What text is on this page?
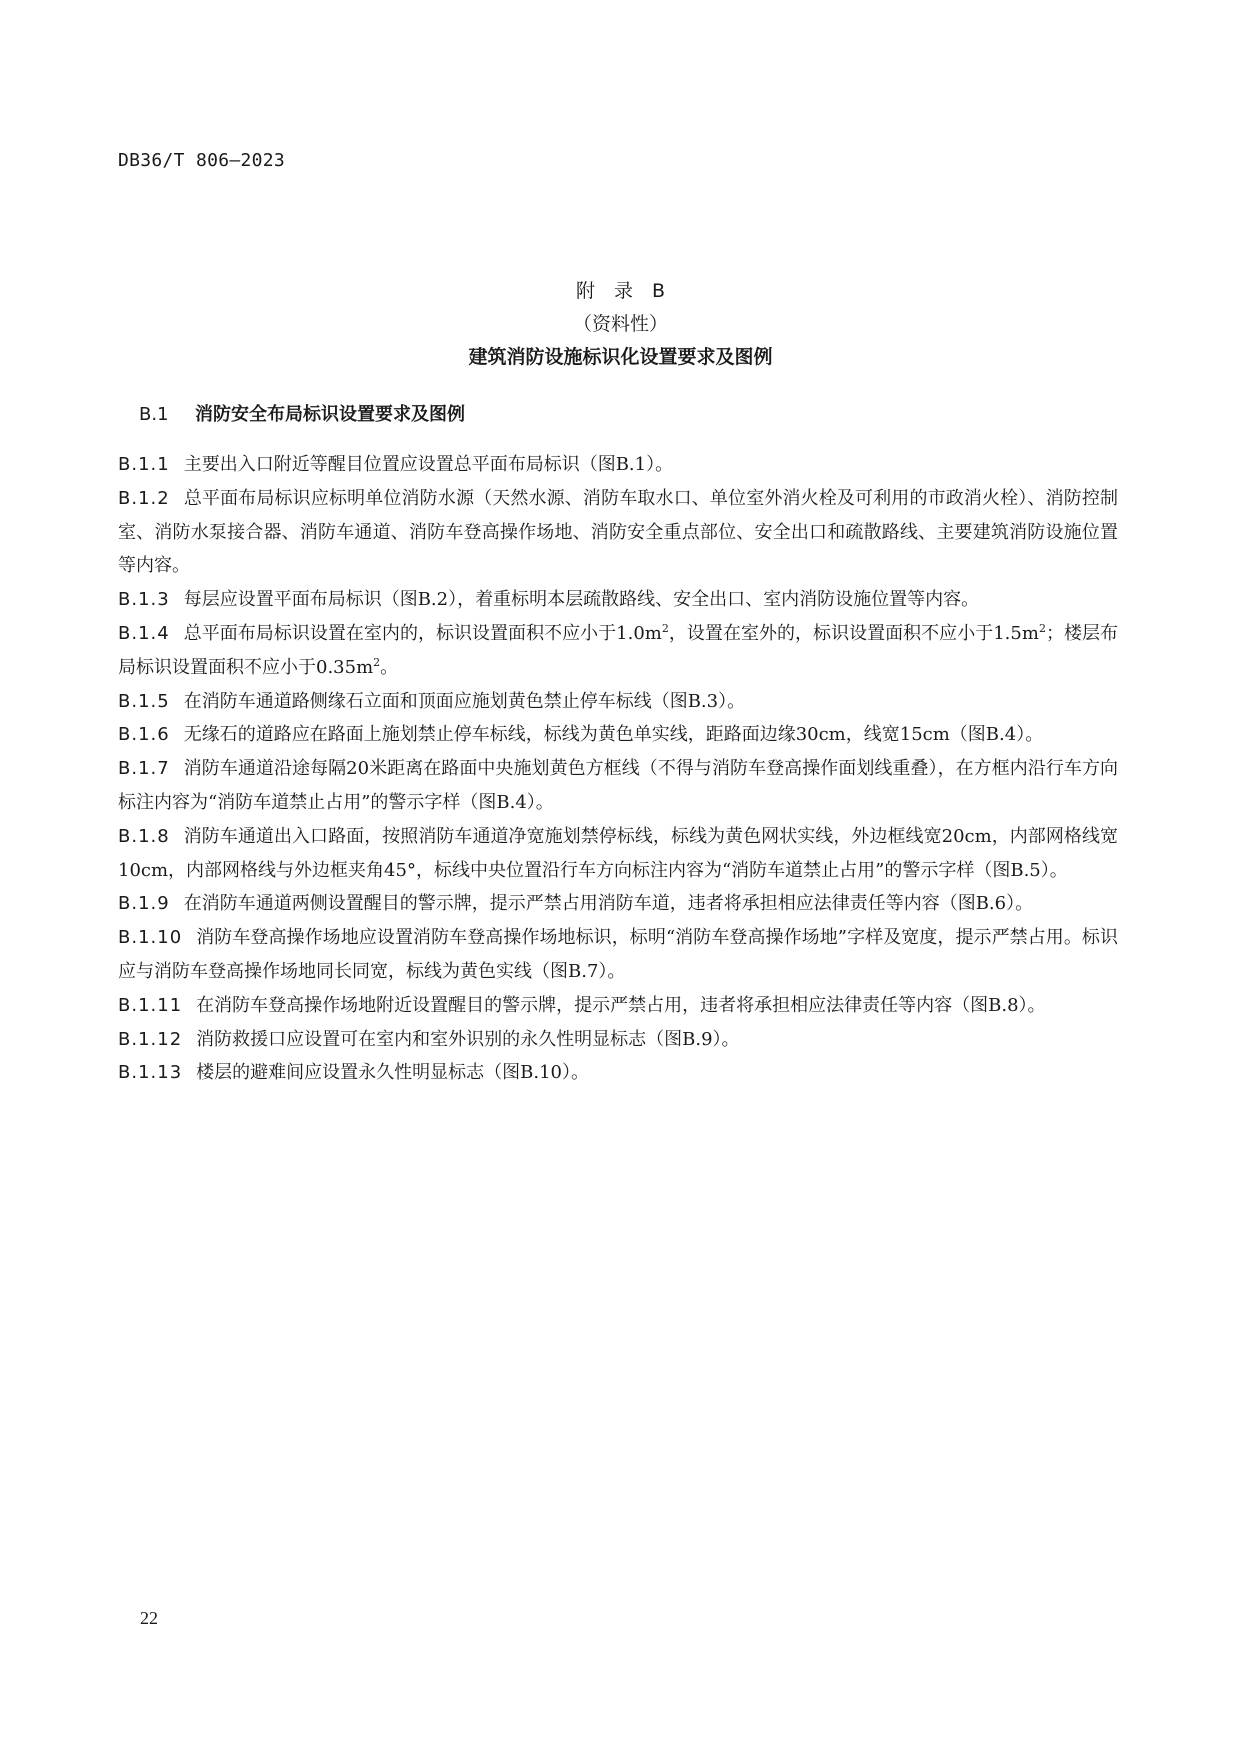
DB36/T 806—2023
附　录　B
（资料性）
建筑消防设施标识化设置要求及图例
B.1 消防安全布局标识设置要求及图例

B.1.1 主要出入口附近等醒目位置应设置总平面布局标识（图B.1）。

B.1.2 总平面布局标识应标明单位消防水源（天然水源、消防车取水口、单位室外消火栓及可利用的市政消火栓）、消防控制室、消防水泵接合器、消防车通道、消防车登高操作场地、消防安全重点部位、安全出口和疏散路线、主要建筑消防设施位置等内容。

B.1.3 每层应设置平面布局标识（图B.2），着重标明本层疏散路线、安全出口、室内消防设施位置等内容。

B.1.4 总平面布局标识设置在室内的，标识设置面积不应小于$1.0m^2$，设置在室外的，标识设置面积不应小于$1.5m^2$；楼层布局标识设置面积不应小于$0.35m^2$。

B.1.5 在消防车通道路侧缘石立面和顶面应施划黄色禁止停车标线（图B.3）。

B.1.6 无缘石的道路应在路面上施划禁止停车标线，标线为黄色单实线，距路面边缘30cm，线宽15cm（图B.4）。

B.1.7 消防车通道沿途每隔20米距离在路面中央施划黄色方框线（不得与消防车登高操作面划线重叠），在方框内沿行车方向标注内容为“消防车道禁止占用”的警示字样（图B.4）。

B.1.8 消防车通道出入口路面，按照消防车通道净宽施划禁停标线，标线为黄色网状实线，外边框线宽20cm，内部网格线宽10cm，内部网格线与外边框夹角45°，标线中央位置沿行车方向标注内容为“消防车道禁止占用”的警示字样（图B.5）。

B.1.9 在消防车通道两侧设置醒目的警示牌，提示严禁占用消防车道，违者将承担相应法律责任等内容（图B.6）。

B.1.10 消防车登高操作场地应设置消防车登高操作场地标识，标明“消防车登高操作场地”字样及宽度，提示严禁占用。标识应与消防车登高操作场地同长同宽，标线为黄色实线（图B.7）。

B.1.11 在消防车登高操作场地附近设置醒目的警示牌，提示严禁占用，违者将承担相应法律责任等内容（图B.8）。

B.1.12 消防救援口应设置可在室内和室外识别的永久性明显标志（图B.9）。

B.1.13 楼层的避难间应设置永久性明显标志（图B.10）。

22
